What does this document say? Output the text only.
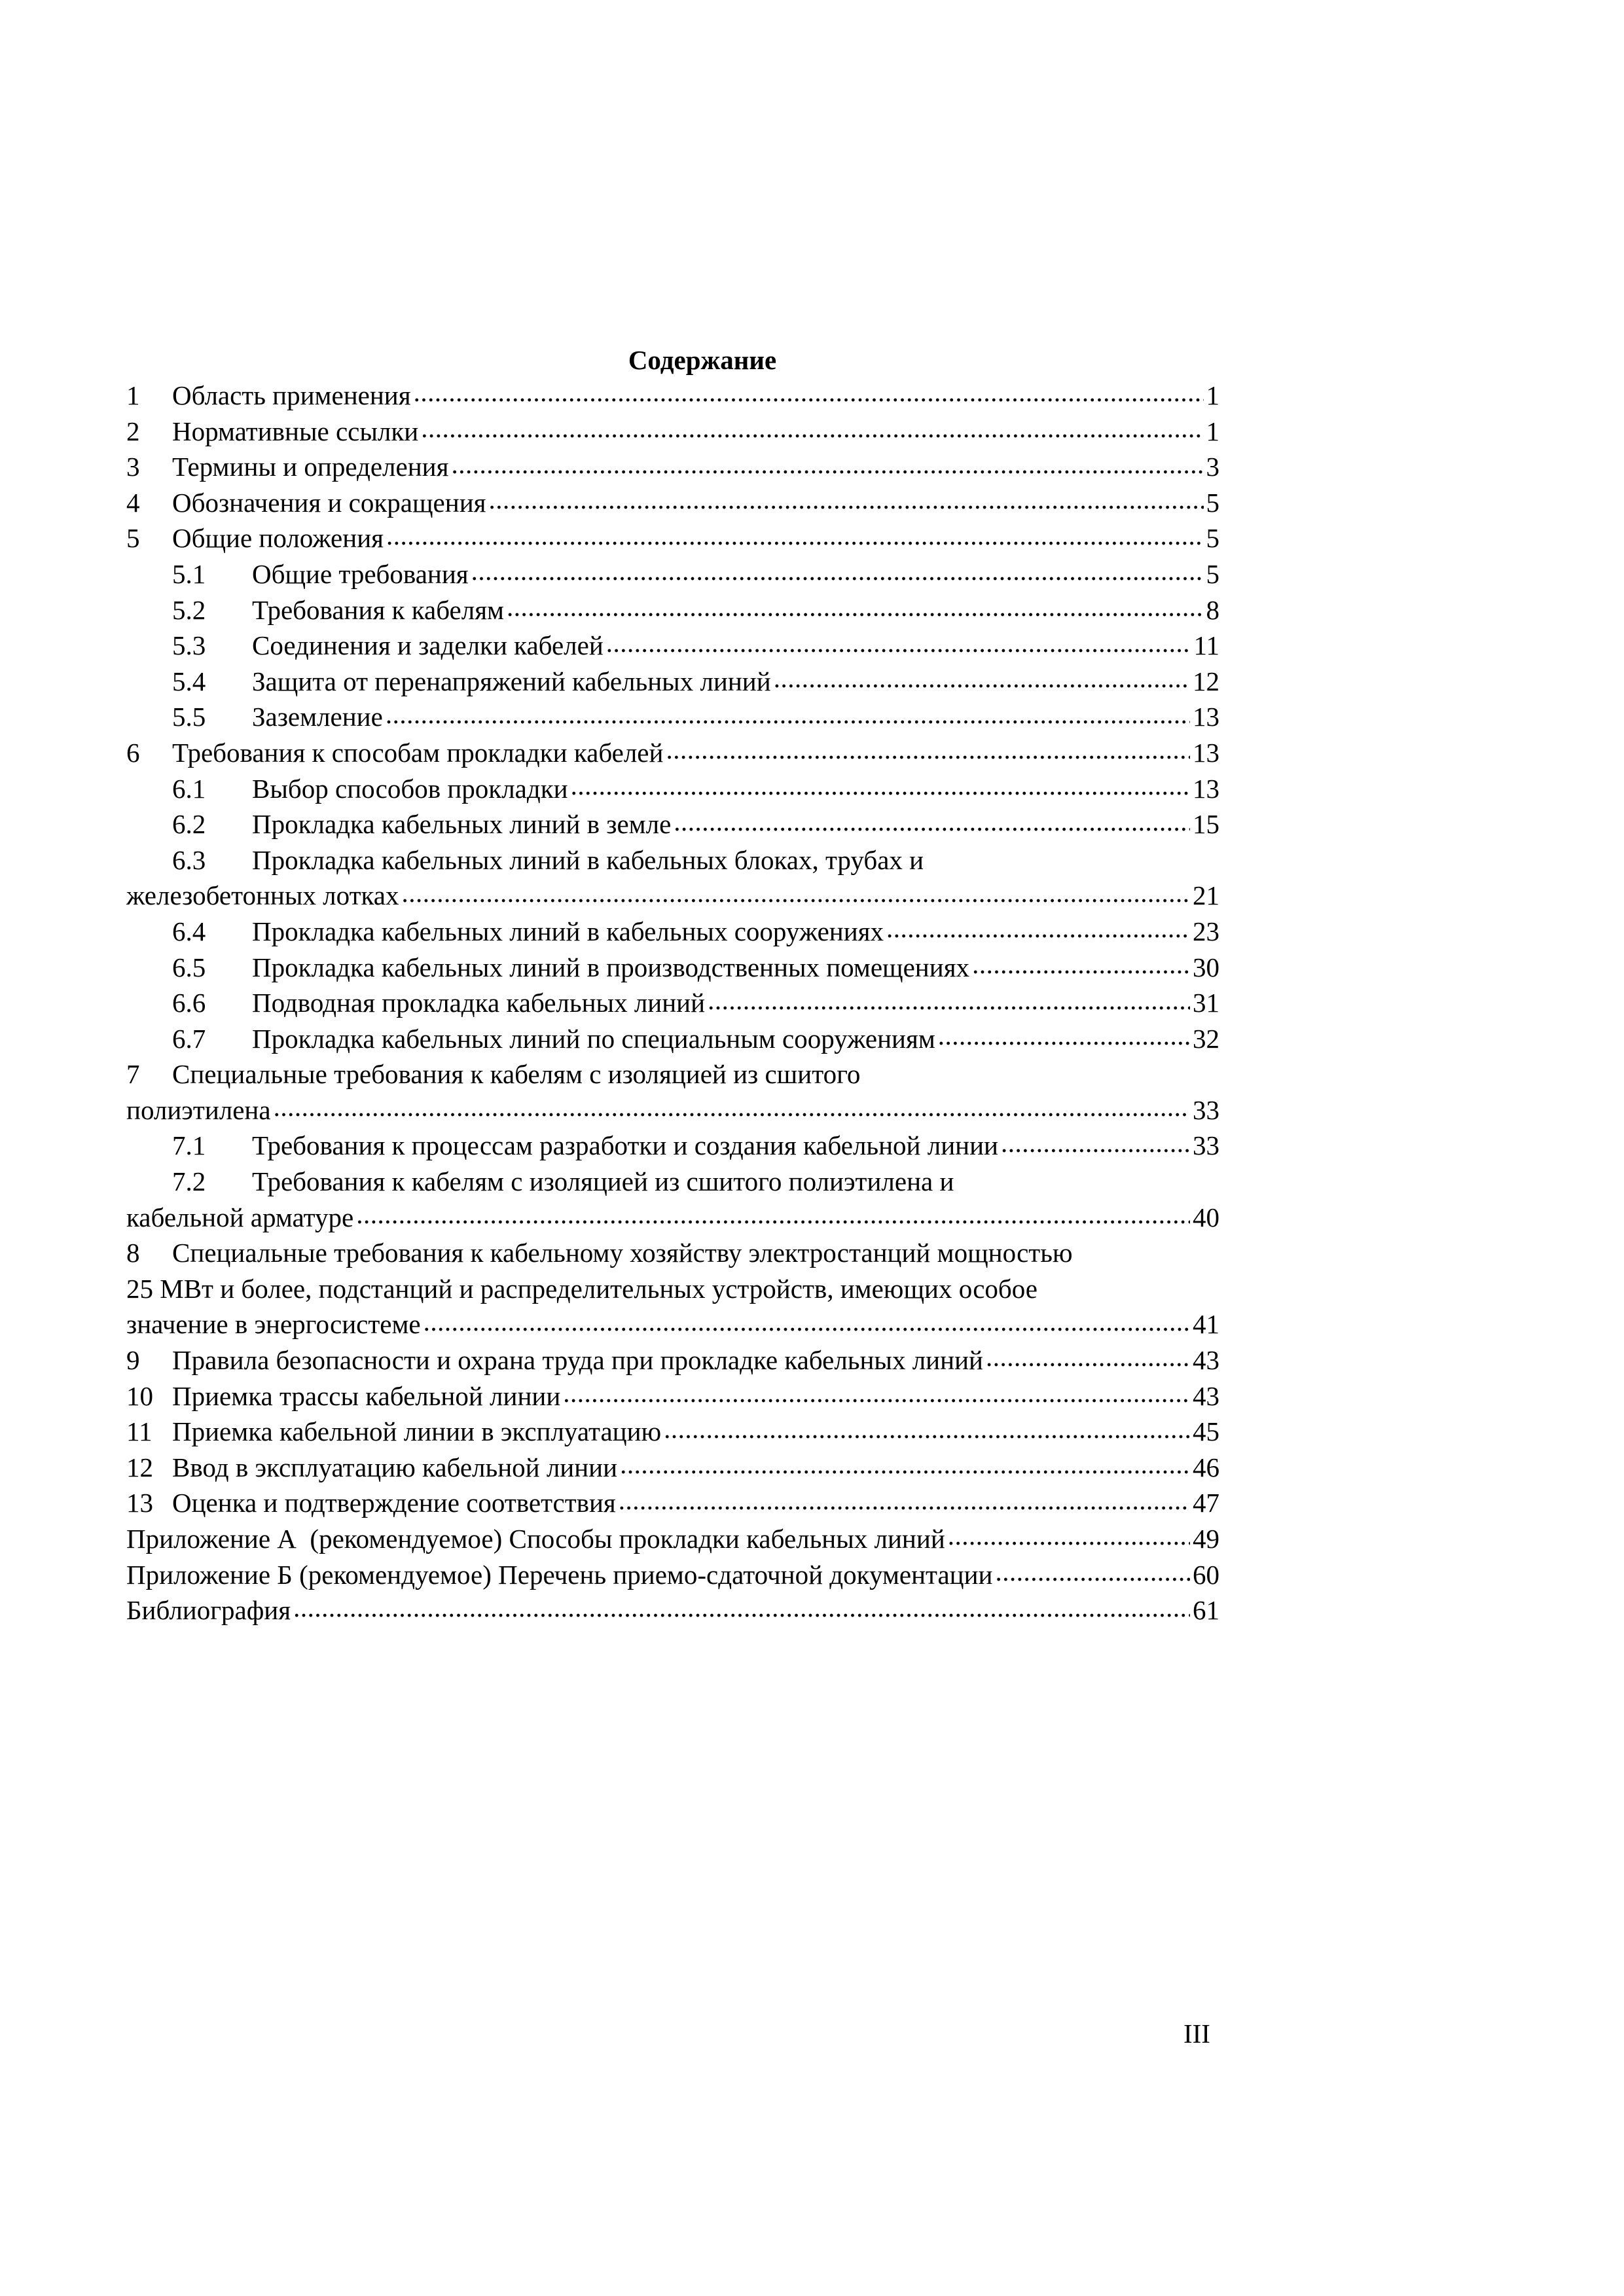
Содержание
1	Область применения .....	1
2	Нормативные ссылки .....	1
3	Термины и определения .....	3
4	Обозначения и сокращения .....	5
5	Общие положения .....	5
5.1	Общие требования .....	5
5.2	Требования к кабелям .....	8
5.3	Соединения и заделки кабелей .....	11
5.4	Защита от перенапряжений кабельных линий .....	12
5.5	Заземление .....	13
6	Требования к способам прокладки кабелей .....	13
6.1	Выбор способов прокладки .....	13
6.2	Прокладка кабельных линий в земле .....	15
6.3	Прокладка кабельных линий в кабельных блоках, трубах и
железобетонных лотках .....	21
6.4	Прокладка кабельных линий в кабельных сооружениях .....	23
6.5	Прокладка кабельных линий в производственных помещениях .....	30
6.6	Подводная прокладка кабельных линий .....	31
6.7	Прокладка кабельных линий по специальным сооружениям .....	32
7	Специальные требования к кабелям с изоляцией из сшитого
полиэтилена .....	33
7.1	Требования к процессам разработки и создания кабельной линии .....	33
7.2	Требования к кабелям с изоляцией из сшитого полиэтилена и
кабельной арматуре .....	40
8	Специальные требования к кабельному хозяйству электростанций мощностью
25 МВт и более, подстанций и распределительных устройств, имеющих особое
значение в энергосистеме .....	41
9	Правила безопасности и охрана труда при прокладке кабельных линий .....	43
10 Приемка трассы кабельной линии .....	43
11 Приемка кабельной линии в эксплуатацию .....	45
12 Ввод в эксплуатацию кабельной линии .....	46
13 Оценка и подтверждение соответствия .....	47
Приложение А  (рекомендуемое) Способы прокладки кабельных линий .....	49
Приложение Б (рекомендуемое) Перечень приемо-сдаточной документации .....	60
Библиография .....	61
III
